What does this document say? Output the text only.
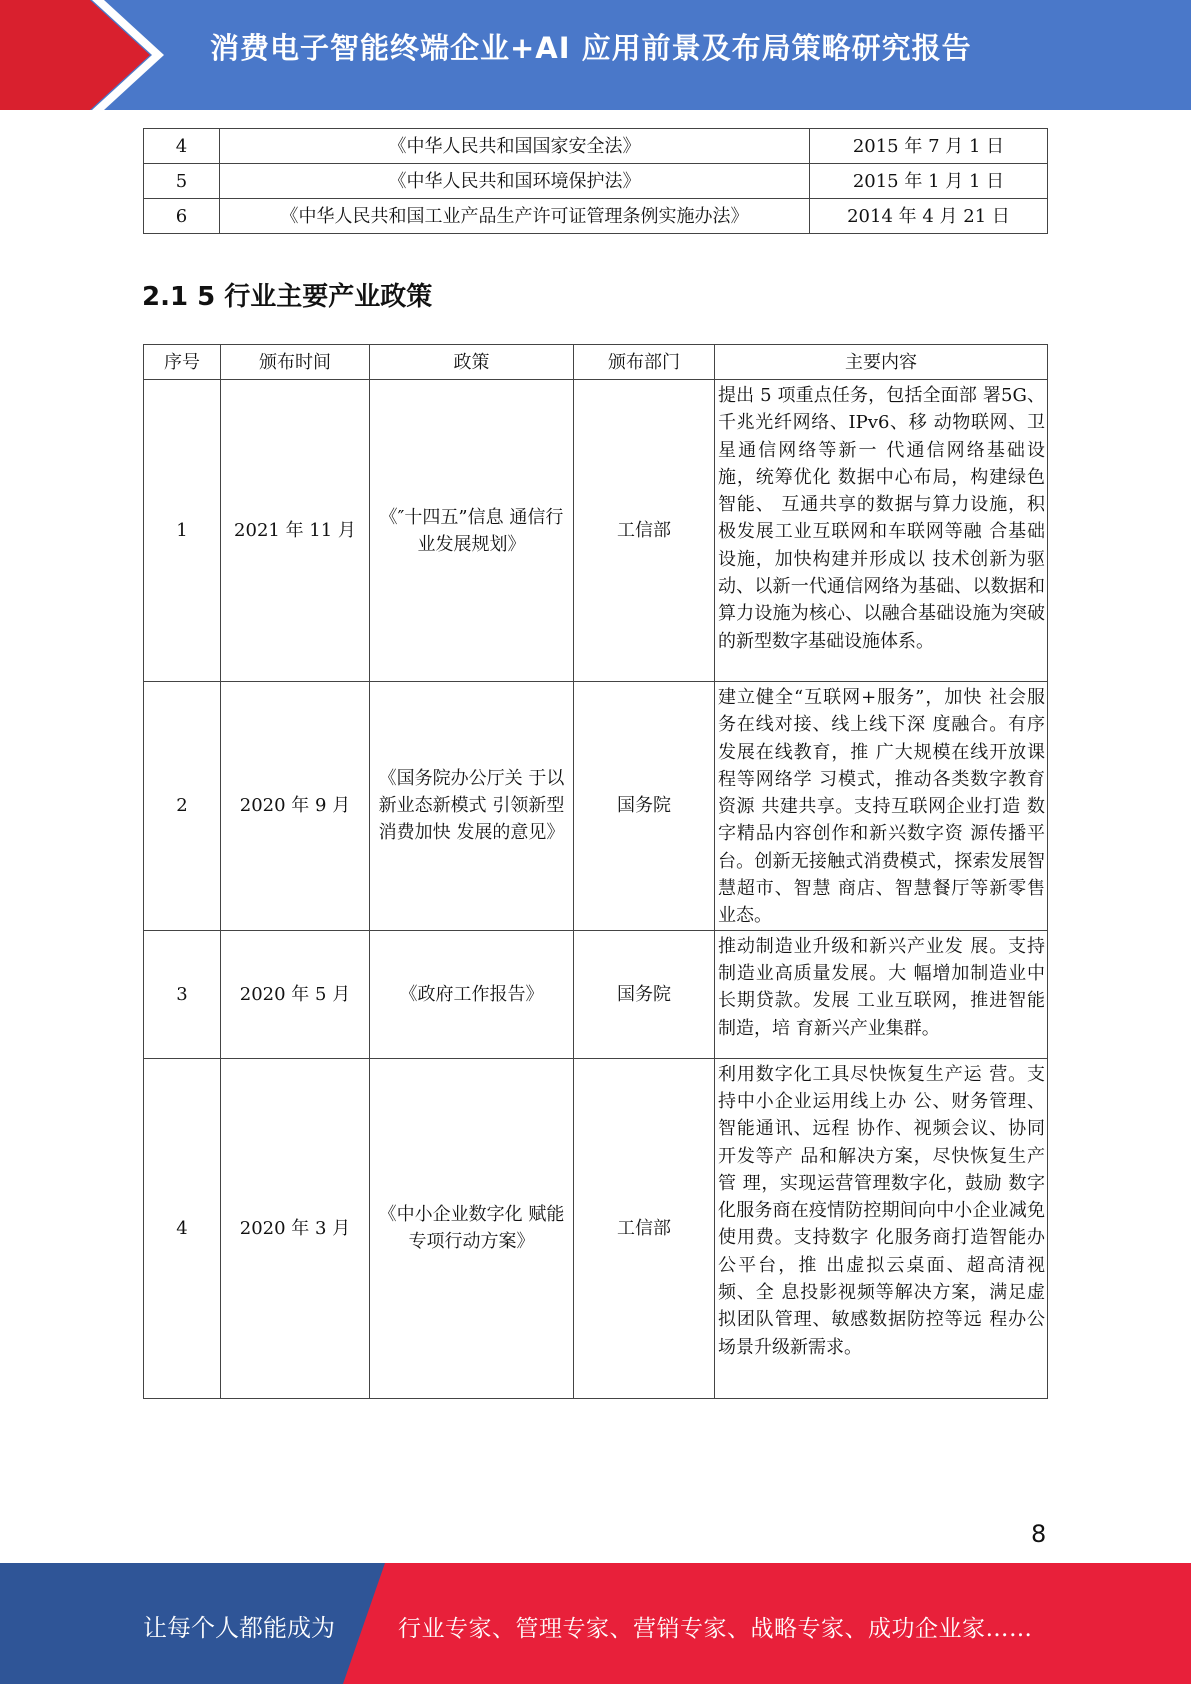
消费电子智能终端企业+AI 应用前景及布局策略研究报告
4	《中华人民共和国国家安全法》	2015 年 7 月 1 日
5	《中华人民共和国环境保护法》	2015 年 1 月 1 日
6	《中华人民共和国工业产品生产许可证管理条例实施办法》	2014 年 4 月 21 日
2.1 5 行业主要产业政策
序号	颁布时间	政策	颁布部门	主要内容
1	2021 年 11 月	《″十四五”信息 通信行业发展规划》	工信部	提出 5 项重点任务，包括全面部 署5G、千兆光纤网络、IPv6、移 动物联网、卫星通信网络等新一 代通信网络基础设施，统筹优化 数据中心布局，构建绿色智能、 互通共享的数据与算力设施，积 极发展工业互联网和车联网等融 合基础设施，加快构建并形成以 技术创新为驱动、以新一代通信网络为基础、以数据和算力设施为核心、以融合基础设施为突破 的新型数字基础设施体系。
2	2020 年 9 月	《国务院办公厅关 于以新业态新模式 引领新型消费加快 发展的意见》	国务院	建立健全“互联网+服务”，加快 社会服务在线对接、线上线下深 度融合。有序发展在线教育，推 广大规模在线开放课程等网络学 习模式，推动各类数字教育资源 共建共享。支持互联网企业打造 数字精品内容创作和新兴数字资 源传播平台。创新无接触式消费模式，探索发展智慧超市、智慧 商店、智慧餐厅等新零售业态。
3	2020 年 5 月	《政府工作报告》	国务院	推动制造业升级和新兴产业发 展。支持制造业高质量发展。大 幅增加制造业中长期贷款。发展 工业互联网，推进智能制造，培 育新兴产业集群。
4	2020 年 3 月	《中小企业数字化 赋能专项行动方案》	工信部	利用数字化工具尽快恢复生产运 营。支持中小企业运用线上办 公、财务管理、智能通讯、远程 协作、视频会议、协同开发等产 品和解决方案，尽快恢复生产管 理，实现运营管理数字化，鼓励 数字化服务商在疫情防控期间向中小企业减免使用费。支持数字 化服务商打造智能办公平台，推 出虚拟云桌面、超高清视频、全 息投影视频等解决方案，满足虚 拟团队管理、敏感数据防控等远 程办公场景升级新需求。
8
让每个人都能成为	行业专家、管理专家、营销专家、战略专家、成功企业家……
